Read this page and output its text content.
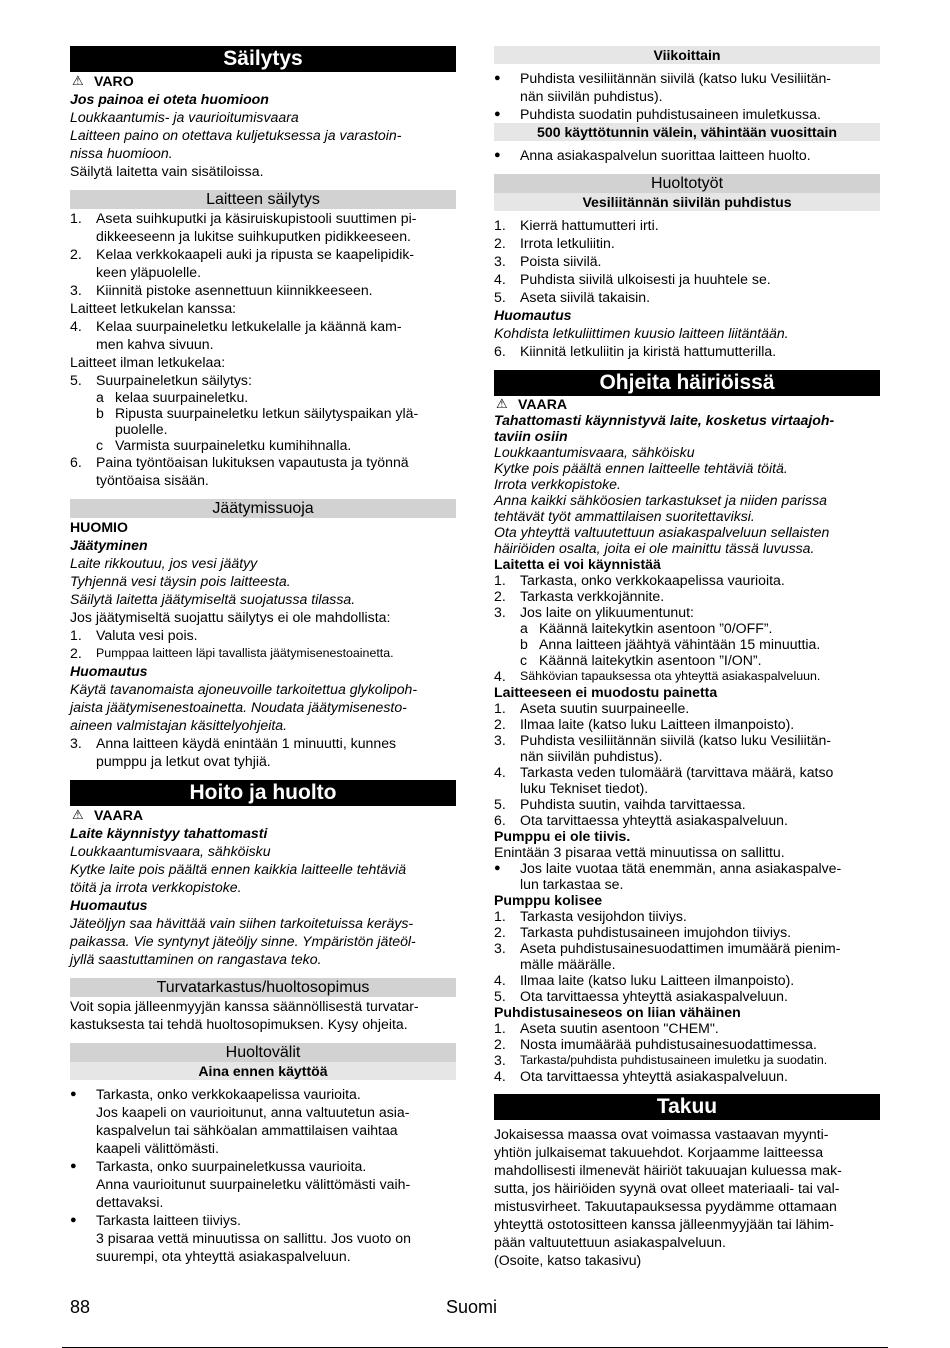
Säilytys
⚠ VARO
Jos painoa ei oteta huomioon
Loukkaantumis- ja vaurioitumisvaara
Laitteen paino on otettava kuljetuksessa ja varastoin-
nissa huomioon.
Säilytä laitetta vain sisätiloissa.
Laitteen säilytys
1.	Aseta suihkuputki ja käsiruiskupistooli suuttimen pi-
dikkeeseenn ja lukitse suihkuputken pidikkeeseen.
2.	Kelaa verkkokaapeli auki ja ripusta se kaapelipidik-
keen yläpuolelle.
3.	Kiinnitä pistoke asennettuun kiinnikkeeseen.
Laitteet letkukelan kanssa:
4.	Kelaa suurpaineletku letkukelalle ja käännä kam-
men kahva sivuun.
Laitteet ilman letkukelaa:
5.	Suurpaineletkun säilytys:
a kelaa suurpaineletku.
b Ripusta suurpaineletku letkun säilytyspaikan ylä-
puolelle.
c Varmista suurpaineletku kumihihnalla.
6.	Paina työntöaisan lukituksen vapautusta ja työnnä
työntöaisa sisään.
Jäätymissuoja
HUOMIO
Jäätyminen
Laite rikkoutuu, jos vesi jäätyy
Tyhjennä vesi täysin pois laitteesta.
Säilytä laitetta jäätymiseltä suojatussa tilassa.
Jos jäätymiseltä suojattu säilytys ei ole mahdollista:
1.	Valuta vesi pois.
2.	Pumppaa laitteen läpi tavallista jäätymisenestoainetta.
Huomautus
Käytä tavanomaista ajoneuvoille tarkoitettua glykolipoh-
jaista jäätymisenestoainetta. Noudata jäätymisenesto-
aineen valmistajan käsittelyohjeita.
3.	Anna laitteen käydä enintään 1 minuutti, kunnes
pumppu ja letkut ovat tyhjiä.
Hoito ja huolto
⚠ VAARA
Laite käynnistyy tahattomasti
Loukkaantumisvaara, sähköisku
Kytke laite pois päältä ennen kaikkia laitteelle tehtäviä
töitä ja irrota verkkopistoke.
Huomautus
Jäteöljyn saa hävittää vain siihen tarkoitetuissa keräys-
paikassa. Vie syntynyt jäteöljy sinne. Ympäristön jäteöl-
jyllä saastuttaminen on rangastava teko.
Turvatarkastus/huoltosopimus
Voit sopia jälleenmyyjän kanssa säännöllisestä turvatar-
kastuksesta tai tehdä huoltosopimuksen. Kysy ohjeita.
Huoltovälit
Aina ennen käyttöä
●	Tarkasta, onko verkkokaapelissa vaurioita.
Jos kaapeli on vaurioitunut, anna valtuutetun asia-
kaspalvelun tai sähköalan ammattilaisen vaihtaa
kaapeli välittömästi.
●	Tarkasta, onko suurpaineletkussa vaurioita.
Anna vaurioitunut suurpaineletku välittömästi vaih-
dettavaksi.
●	Tarkasta laitteen tiiviys.
3 pisaraa vettä minuutissa on sallittu. Jos vuoto on
suurempi, ota yhteyttä asiakaspalveluun.
Viikoittain
●	Puhdista vesiliitännän siivilä (katso luku Vesiliitän-
nän siivilän puhdistus).
●	Puhdista suodatin puhdistusaineen imuletkussa.
500 käyttötunnin välein, vähintään vuosittain
●	Anna asiakaspalvelun suorittaa laitteen huolto.
Huoltotyöt
Vesiliitännän siivilän puhdistus
1.	Kierrä hattumutteri irti.
2.	Irrota letkuliitin.
3.	Poista siivilä.
4.	Puhdista siivilä ulkoisesti ja huuhtele se.
5.	Aseta siivilä takaisin.
Huomautus
Kohdista letkuliittimen kuusio laitteen liitäntään.
6.	Kiinnitä letkuliitin ja kiristä hattumutterilla.
Ohjeita häiriöissä
⚠ VAARA
Tahattomasti käynnistyvä laite, kosketus virtaajoh-
taviin osiin
Loukkaantumisvaara, sähköisku
Kytke pois päältä ennen laitteelle tehtäviä töitä.
Irrota verkkopistoke.
Anna kaikki sähköosien tarkastukset ja niiden parissa
tehtävät työt ammattilaisen suoritettaviksi.
Ota yhteyttä valtuutettuun asiakaspalveluun sellaisten
häiriöiden osalta, joita ei ole mainittu tässä luvussa.
Laitetta ei voi käynnistää
1.	Tarkasta, onko verkkokaapelissa vaurioita.
2.	Tarkasta verkkojännite.
3.	Jos laite on ylikuumentunut:
a Käännä laitekytkin asentoon ”0/OFF”.
b Anna laitteen jäähtyä vähintään 15 minuuttia.
c Käännä laitekytkin asentoon ”I/ON”.
4.	Sähkövian tapauksessa ota yhteyttä asiakaspalveluun.
Laitteeseen ei muodostu painetta
1.	Aseta suutin suurpaineelle.
2.	Ilmaa laite (katso luku Laitteen ilmanpoisto).
3.	Puhdista vesiliitännän siivilä (katso luku Vesiliitän-
nän siivilän puhdistus).
4.	Tarkasta veden tulomäärä (tarvittava määrä, katso
luku Tekniset tiedot).
5.	Puhdista suutin, vaihda tarvittaessa.
6.	Ota tarvittaessa yhteyttä asiakaspalveluun.
Pumppu ei ole tiivis.
Enintään 3 pisaraa vettä minuutissa on sallittu.
●	Jos laite vuotaa tätä enemmän, anna asiakaspalve-
lun tarkastaa se.
Pumppu kolisee
1.	Tarkasta vesijohdon tiiviys.
2.	Tarkasta puhdistusaineen imujohdon tiiviys.
3.	Aseta puhdistusainesuodattimen imumäärä pienim-
mälle määrälle.
4.	Ilmaa laite (katso luku Laitteen ilmanpoisto).
5.	Ota tarvittaessa yhteyttä asiakaspalveluun.
Puhdistusaineseos on liian vähäinen
1.	Aseta suutin asentoon "CHEM".
2.	Nosta imumäärää puhdistusainesuodattimessa.
3.	Tarkasta/puhdista puhdistusaineen imuletku ja suodatin.
4.	Ota tarvittaessa yhteyttä asiakaspalveluun.
Takuu
Jokaisessa maassa ovat voimassa vastaavan myynti-
yhtiön julkaisemat takuuehdot. Korjaamme laitteessa
mahdollisesti ilmenevät häiriöt takuuajan kuluessa mak-
sutta, jos häiriöiden syynä ovat olleet materiaali- tai val-
mistusvirheet. Takuutapauksessa pyydämme ottamaan
yhteyttä ostotositteen kanssa jälleenmyyjään tai lähim-
pään valtuutettuun asiakaspalveluun.
(Osoite, katso takasivu)
88	Suomi
